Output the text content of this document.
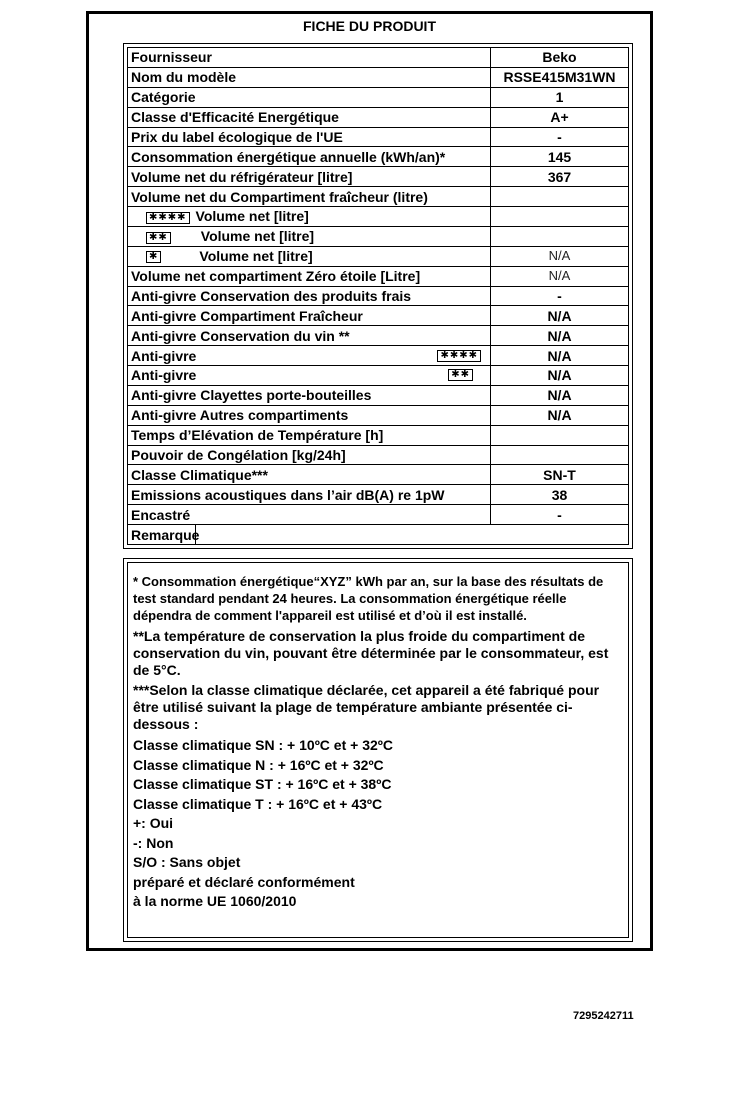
FICHE DU PRODUIT
Fournisseur	Beko
Nom du modèle	RSSE415M31WN
Catégorie	1
Classe d'Efficacité Energétique	A+
Prix du label écologique de l'UE	-
Consommation énergétique annuelle (kWh/an)*	145
Volume net du réfrigérateur [litre]	367
Volume net du Compartiment fraîcheur (litre)	
✱✱✱✱ Volume net [litre]	
✱✱ Volume net [litre]	
✱ Volume net [litre]	N/A
Volume net compartiment Zéro étoile [Litre]	N/A
Anti-givre Conservation des produits frais	-
Anti-givre Compartiment Fraîcheur	N/A
Anti-givre Conservation du vin **	N/A
Anti-givre ✱✱✱✱	N/A
Anti-givre ✱✱	N/A
Anti-givre Clayettes porte-bouteilles	N/A
Anti-givre Autres compartiments	N/A
Temps d’Elévation de Température [h]	
Pouvoir de Congélation [kg/24h]	
Classe Climatique***	SN-T
Emissions acoustiques dans l’air dB(A) re 1pW	38
Encastré	-
Remarque	

* Consommation énergétique“XYZ” kWh par an, sur la base des résultats de test standard pendant 24 heures. La consommation énergétique réelle dépendra de comment l'appareil est utilisé et d’où il est installé.

**La température de conservation la plus froide du compartiment de conservation du vin, pouvant être déterminée par le consommateur, est de 5°C.

***Selon la classe climatique déclarée, cet appareil a été fabriqué pour être utilisé suivant la plage de température ambiante présentée ci-dessous :

Classe climatique SN : + 10ºC et + 32ºC

Classe climatique N : + 16ºC et + 32ºC

Classe climatique ST : + 16ºC et + 38ºC

Classe climatique T : + 16ºC et + 43ºC

+: Oui

-: Non

S/O : Sans objet

préparé et déclaré conformément

à la norme UE 1060/2010

7295242711
